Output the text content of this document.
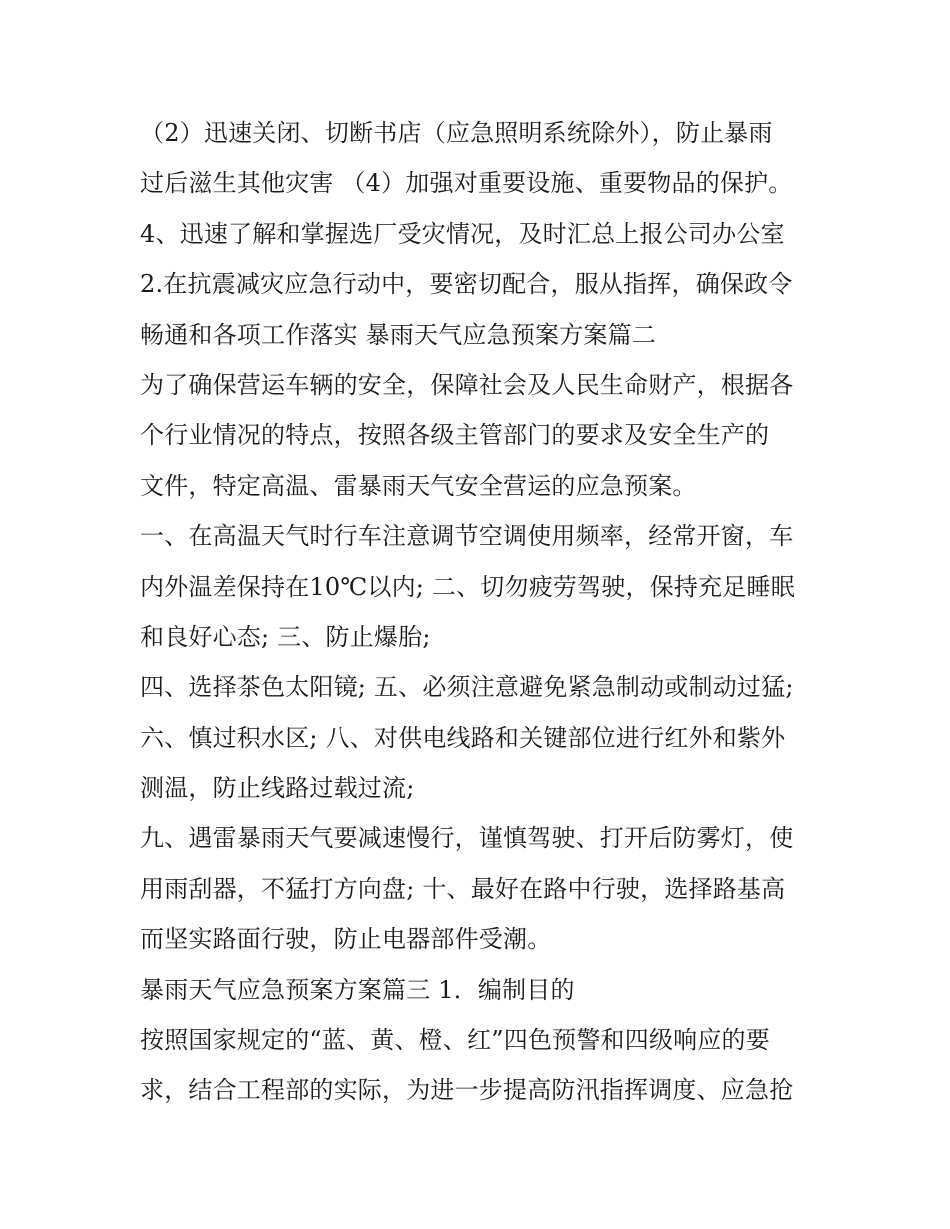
（2）迅速关闭、切断书店（应急照明系统除外），防止暴雨
过后滋生其他灾害 （4）加强对重要设施、重要物品的保护。
4、迅速了解和掌握选厂受灾情况，及时汇总上报公司办公室
2.在抗震减灾应急行动中，要密切配合，服从指挥，确保政令
畅通和各项工作落实 暴雨天气应急预案方案篇二
为了确保营运车辆的安全，保障社会及人民生命财产，根据各
个行业情况的特点，按照各级主管部门的要求及安全生产的
文件，特定高温、雷暴雨天气安全营运的应急预案。
一、在高温天气时行车注意调节空调使用频率，经常开窗，车
内外温差保持在10℃以内; 二、切勿疲劳驾驶，保持充足睡眠
和良好心态; 三、防止爆胎;
四、选择茶色太阳镜; 五、必须注意避免紧急制动或制动过猛;
六、慎过积水区; 八、对供电线路和关键部位进行红外和紫外
测温，防止线路过载过流;
九、遇雷暴雨天气要减速慢行，谨慎驾驶、打开后防雾灯，使
用雨刮器，不猛打方向盘; 十、最好在路中行驶，选择路基高
而坚实路面行驶，防止电器部件受潮。
暴雨天气应急预案方案篇三 1．编制目的
按照国家规定的“蓝、黄、橙、红”四色预警和四级响应的要
求，结合工程部的实际，为进一步提高防汛指挥调度、应急抢
